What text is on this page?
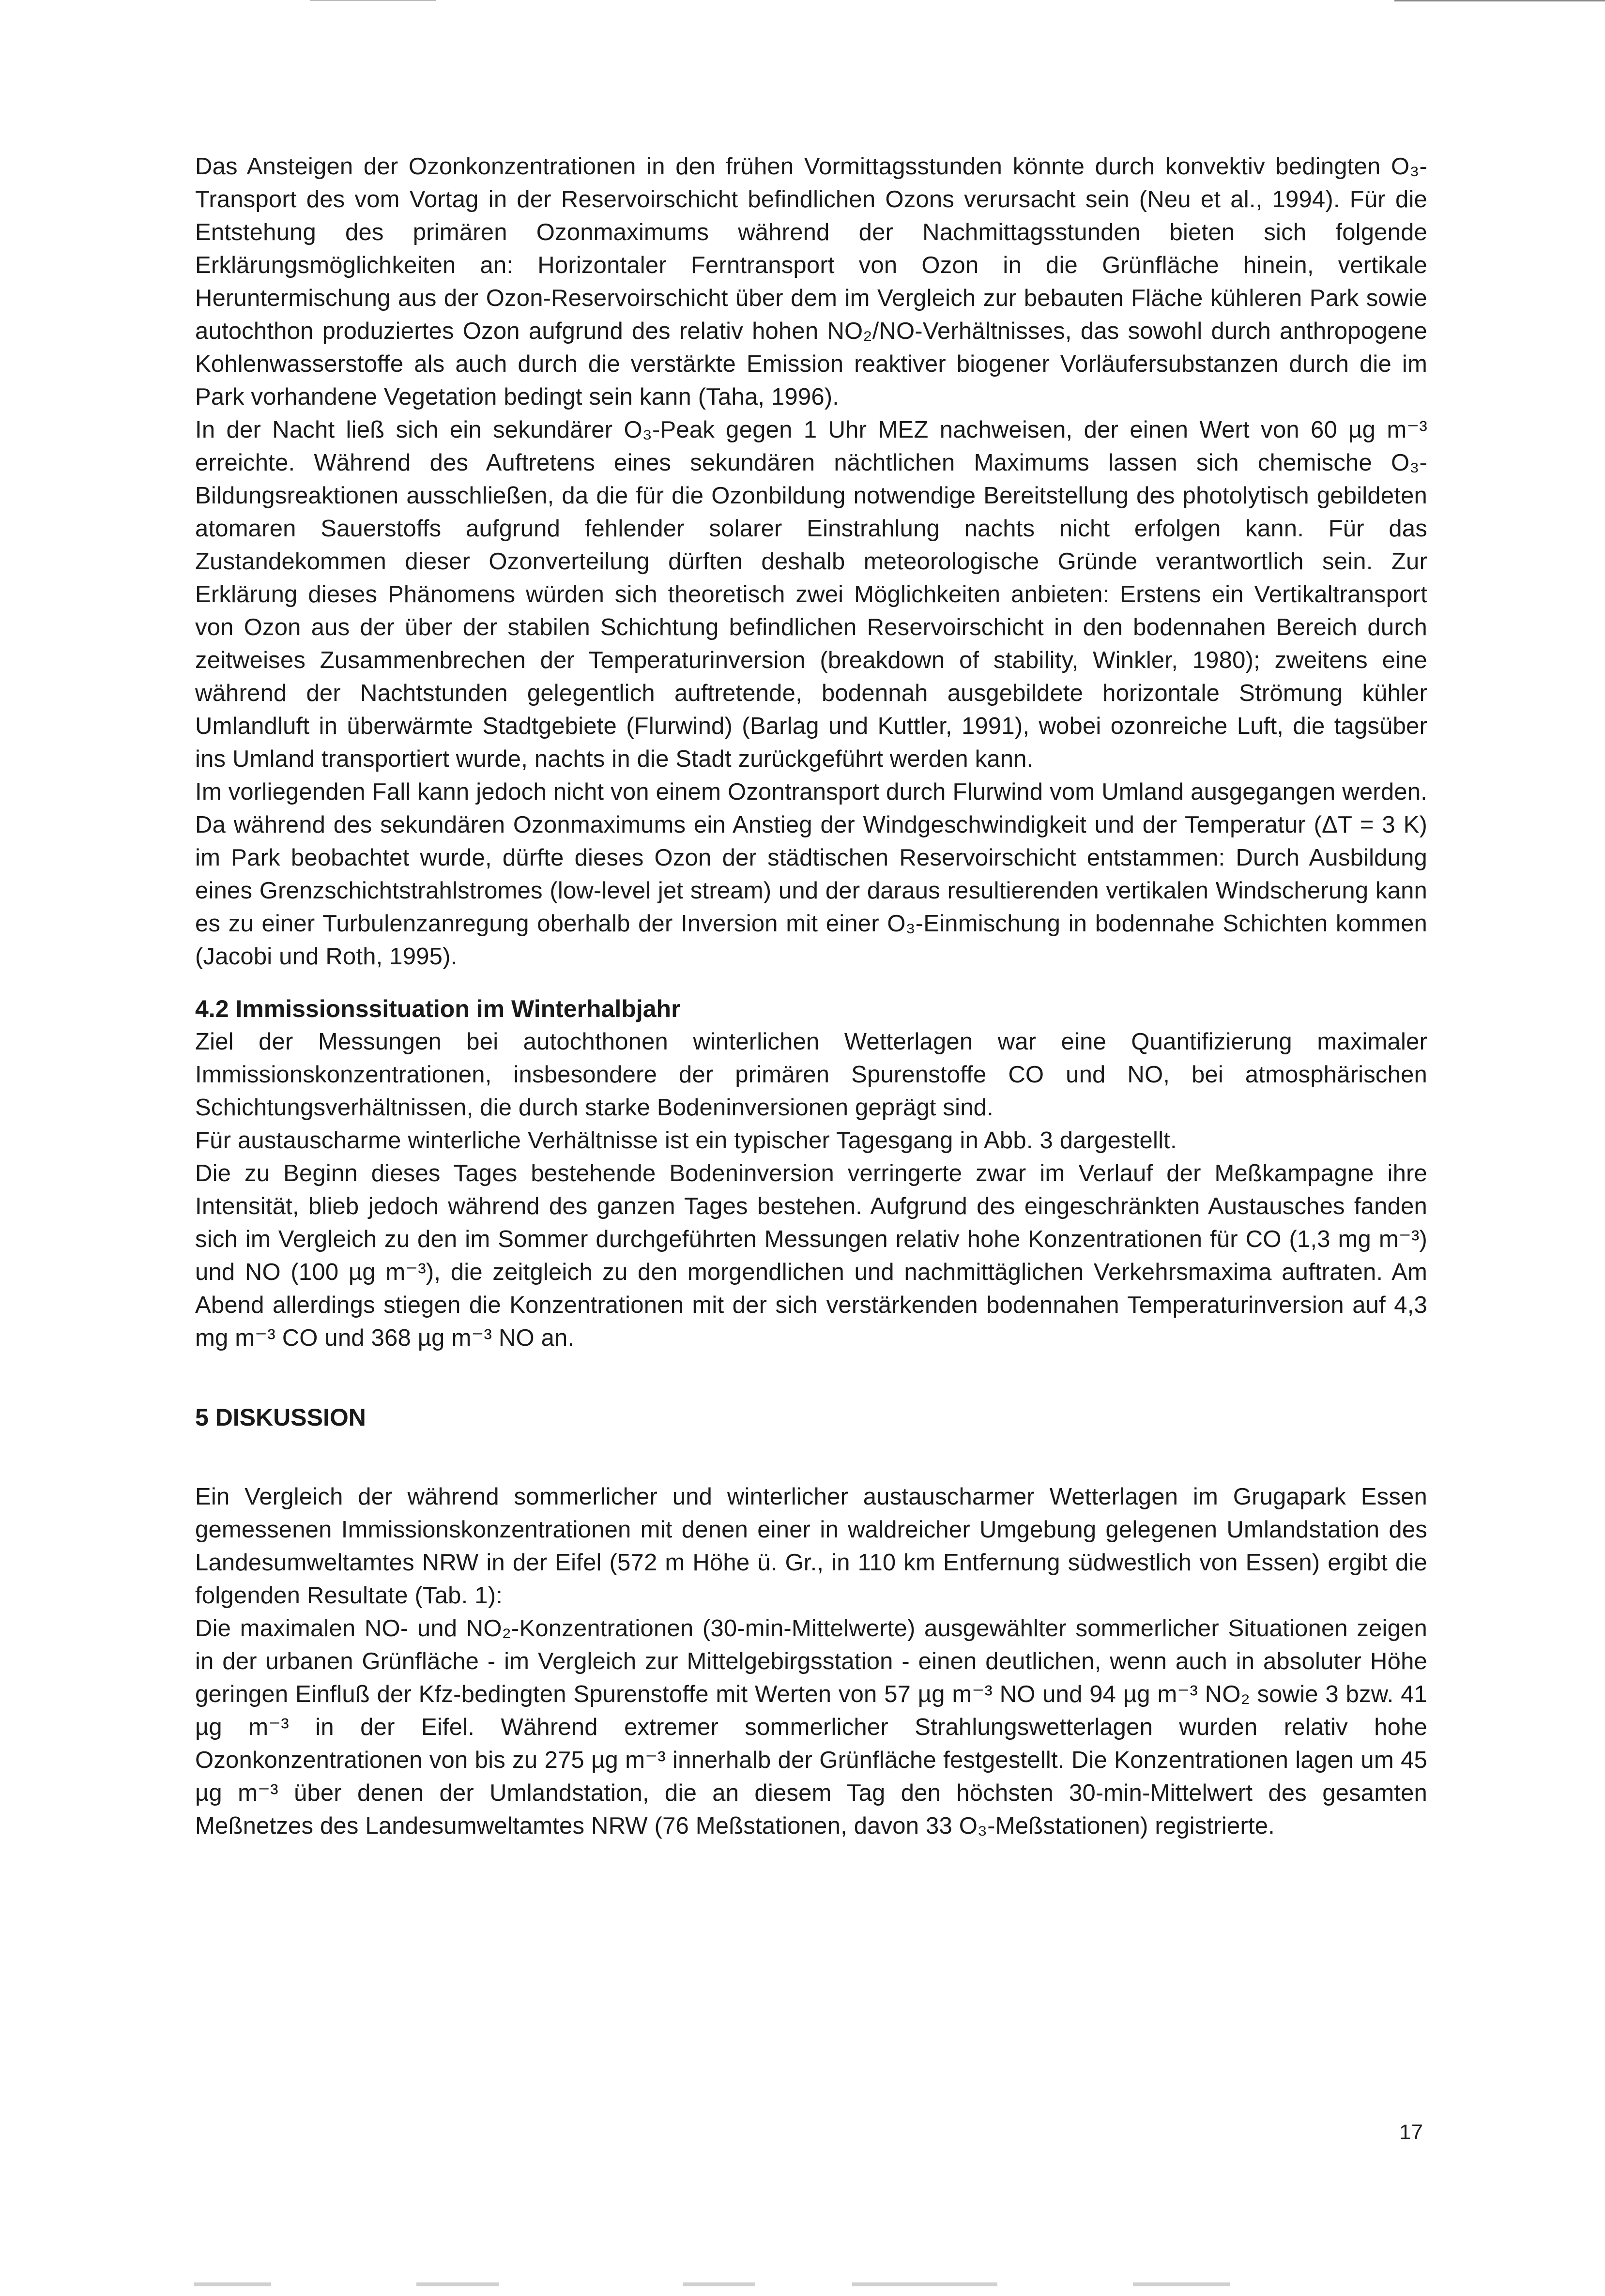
Das Ansteigen der Ozonkonzentrationen in den frühen Vormittagsstunden könnte durch konvektiv bedingten O₃-Transport des vom Vortag in der Reservoirschicht befindlichen Ozons verursacht sein (Neu et al., 1994). Für die Entstehung des primären Ozonmaximums während der Nachmittagsstunden bieten sich folgende Erklärungsmöglichkeiten an: Horizontaler Ferntransport von Ozon in die Grünfläche hinein, vertikale Heruntermischung aus der Ozon-Reservoirschicht über dem im Vergleich zur bebauten Fläche kühleren Park sowie autochthon produziertes Ozon aufgrund des relativ hohen NO₂/NO-Verhältnisses, das sowohl durch anthropogene Kohlenwasserstoffe als auch durch die verstärkte Emission reaktiver biogener Vorläufersubstanzen durch die im Park vorhandene Vegetation bedingt sein kann (Taha, 1996).

In der Nacht ließ sich ein sekundärer O₃-Peak gegen 1 Uhr MEZ nachweisen, der einen Wert von 60 µg m⁻³ erreichte. Während des Auftretens eines sekundären nächtlichen Maximums lassen sich chemische O₃-Bildungsreaktionen ausschließen, da die für die Ozonbildung notwendige Bereitstellung des photolytisch gebildeten atomaren Sauerstoffs aufgrund fehlender solarer Einstrahlung nachts nicht erfolgen kann. Für das Zustandekommen dieser Ozonverteilung dürften deshalb meteorologische Gründe verantwortlich sein. Zur Erklärung dieses Phänomens würden sich theoretisch zwei Möglichkeiten anbieten: Erstens ein Vertikaltransport von Ozon aus der über der stabilen Schichtung befindlichen Reservoirschicht in den bodennahen Bereich durch zeitweises Zusammenbrechen der Temperaturinversion (breakdown of stability, Winkler, 1980); zweitens eine während der Nachtstunden gelegentlich auftretende, bodennah ausgebildete horizontale Strömung kühler Umlandluft in überwärmte Stadtgebiete (Flurwind) (Barlag und Kuttler, 1991), wobei ozonreiche Luft, die tagsüber ins Umland transportiert wurde, nachts in die Stadt zurückgeführt werden kann.

Im vorliegenden Fall kann jedoch nicht von einem Ozontransport durch Flurwind vom Umland ausgegangen werden. Da während des sekundären Ozonmaximums ein Anstieg der Windgeschwindigkeit und der Temperatur (ΔT = 3 K) im Park beobachtet wurde, dürfte dieses Ozon der städtischen Reservoirschicht entstammen: Durch Ausbildung eines Grenzschichtstrahlstromes (low-level jet stream) und der daraus resultierenden vertikalen Windscherung kann es zu einer Turbulenzanregung oberhalb der Inversion mit einer O₃-Einmischung in bodennahe Schichten kommen (Jacobi und Roth, 1995).

4.2 Immissionssituation im Winterhalbjahr

Ziel der Messungen bei autochthonen winterlichen Wetterlagen war eine Quantifizierung maximaler Immissionskonzentrationen, insbesondere der primären Spurenstoffe CO und NO, bei atmosphärischen Schichtungsverhältnissen, die durch starke Bodeninversionen geprägt sind.

Für austauscharme winterliche Verhältnisse ist ein typischer Tagesgang in Abb. 3 dargestellt.

Die zu Beginn dieses Tages bestehende Bodeninversion verringerte zwar im Verlauf der Meßkampagne ihre Intensität, blieb jedoch während des ganzen Tages bestehen. Aufgrund des eingeschränkten Austausches fanden sich im Vergleich zu den im Sommer durchgeführten Messungen relativ hohe Konzentrationen für CO (1,3 mg m⁻³) und NO (100 µg m⁻³), die zeitgleich zu den morgendlichen und nachmittäglichen Verkehrsmaxima auftraten. Am Abend allerdings stiegen die Konzentrationen mit der sich verstärkenden bodennahen Temperaturinversion auf 4,3 mg m⁻³ CO und 368 µg m⁻³ NO an.

5 DISKUSSION

Ein Vergleich der während sommerlicher und winterlicher austauscharmer Wetterlagen im Grugapark Essen gemessenen Immissionskonzentrationen mit denen einer in waldreicher Umgebung gelegenen Umlandstation des Landesumweltamtes NRW in der Eifel (572 m Höhe ü. Gr., in 110 km Entfernung südwestlich von Essen) ergibt die folgenden Resultate (Tab. 1):

Die maximalen NO- und NO₂-Konzentrationen (30-min-Mittelwerte) ausgewählter sommerlicher Situationen zeigen in der urbanen Grünfläche - im Vergleich zur Mittelgebirgsstation - einen deutlichen, wenn auch in absoluter Höhe geringen Einfluß der Kfz-bedingten Spurenstoffe mit Werten von 57 µg m⁻³ NO und 94 µg m⁻³ NO₂ sowie 3 bzw. 41 µg m⁻³ in der Eifel. Während extremer sommerlicher Strahlungswetterlagen wurden relativ hohe Ozonkonzentrationen von bis zu 275 µg m⁻³ innerhalb der Grünfläche festgestellt. Die Konzentrationen lagen um 45 µg m⁻³ über denen der Umlandstation, die an diesem Tag den höchsten 30-min-Mittelwert des gesamten Meßnetzes des Landesumweltamtes NRW (76 Meßstationen, davon 33 O₃-Meßstationen) registrierte.

17
